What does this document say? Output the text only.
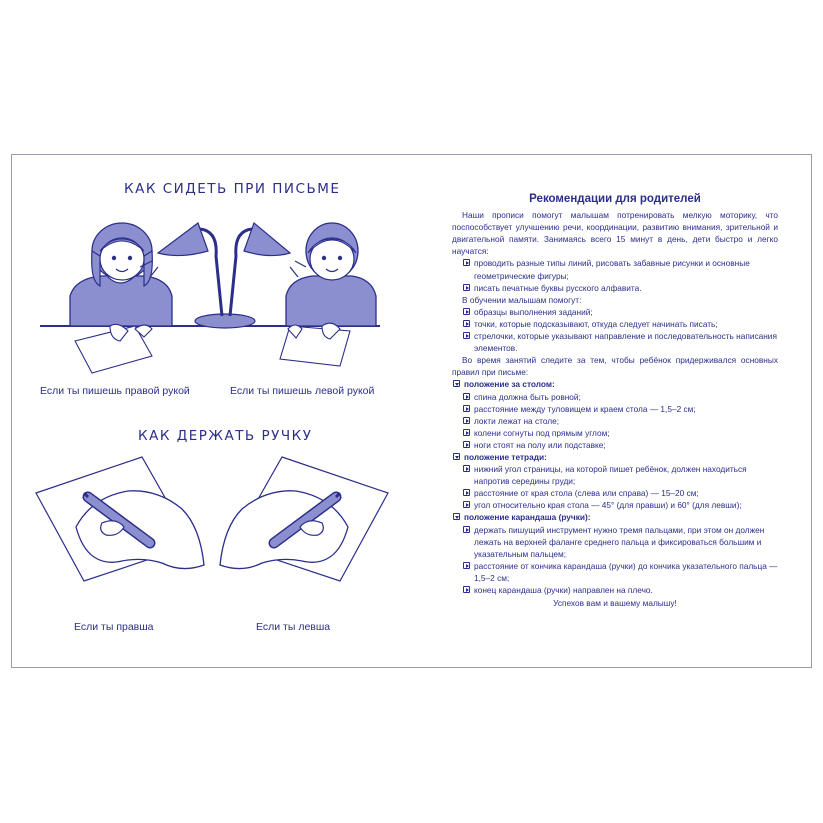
КАК СИДЕТЬ ПРИ ПИСЬМЕ
Если ты пишешь правой рукой	Если ты пишешь левой рукой
КАК ДЕРЖАТЬ РУЧКУ
Если ты правша	Если ты левша
Рекомендации для родителей

Наши прописи помогут малышам потренировать мелкую моторику, что поспособствует улучшению речи, координации, развитию внимания, зрительной и двигательной памяти. Занимаясь всего 15 минут в день, дети быстро и легко научатся:

проводить разные типы линий, рисовать забавные рисунки и основные геометрические фигуры;
писать печатные буквы русского алфавита.

В обучении малышам помогут:

образцы выполнения заданий;
точки, которые подсказывают, откуда следует начинать писать;
стрелочки, которые указывают направление и последовательность написания элементов.

Во время занятий следите за тем, чтобы ребёнок придерживался основных правил при письме:

положение за столом:
спина должна быть ровной;
расстояние между туловищем и краем стола — 1,5–2 см;
локти лежат на столе;
колени согнуты под прямым углом;
ноги стоят на полу или подставке;
положение тетради:
нижний угол страницы, на которой пишет ребёнок, должен находиться напротив середины груди;
расстояние от края стола (слева или справа) — 15–20 см;
угол относительно края стола — 45° (для правши) и 60° (для левши);
положение карандаша (ручки):
держать пишущий инструмент нужно тремя пальцами, при этом он должен лежать на верхней фаланге среднего пальца и фиксироваться большим и указательным пальцем;
расстояние от кончика карандаша (ручки) до кончика указательного пальца — 1,5–2 см;
конец карандаша (ручки) направлен на плечо.

Успехов вам и вашему малышу!
